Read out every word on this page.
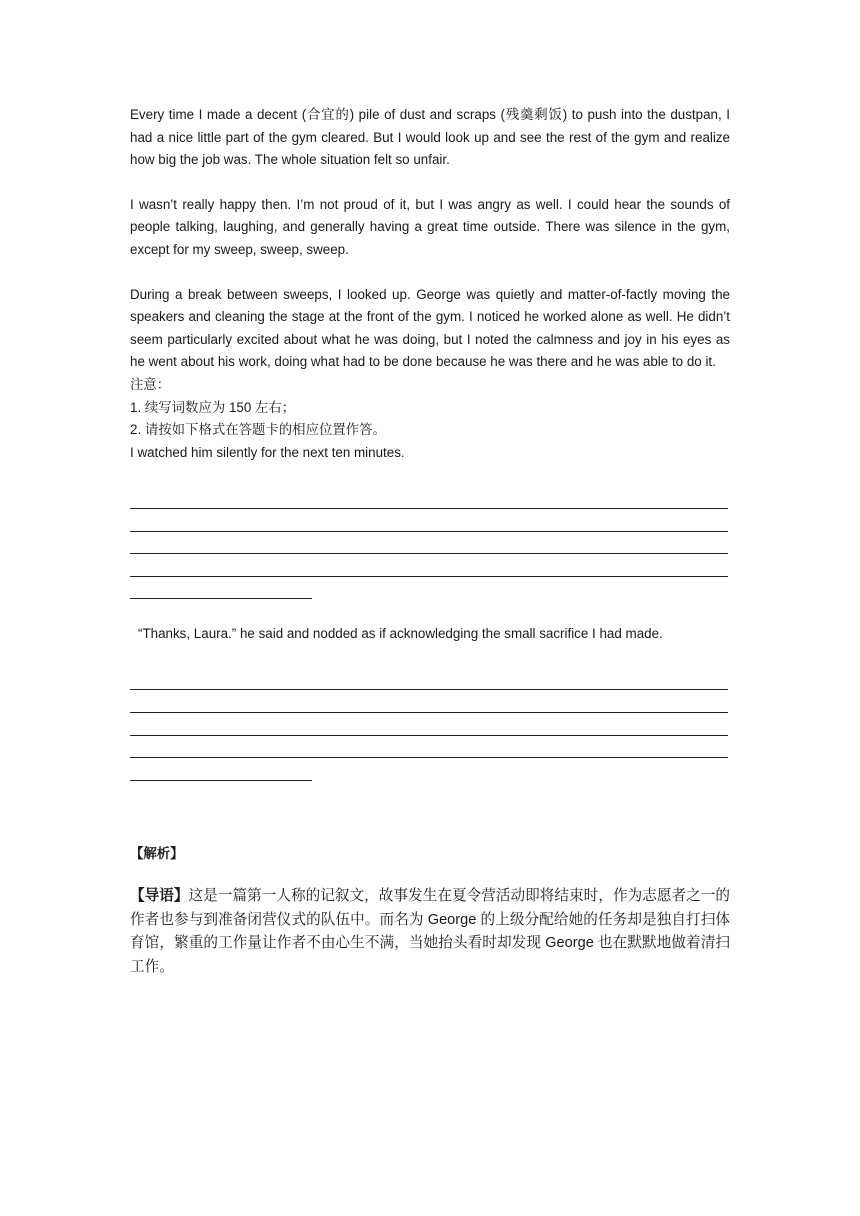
Every time I made a decent (合宜的) pile of dust and scraps (残羹剩饭) to push into the dustpan, I had a nice little part of the gym cleared. But I would look up and see the rest of the gym and realize how big the job was. The whole situation felt so unfair.

I wasn’t really happy then. I’m not proud of it, but I was angry as well. I could hear the sounds of people talking, laughing, and generally having a great time outside. There was silence in the gym, except for my sweep, sweep, sweep.

During a break between sweeps, I looked up. George was quietly and matter-of-factly moving the speakers and cleaning the stage at the front of the gym. I noticed he worked alone as well. He didn’t seem particularly excited about what he was doing, but I noted the calmness and joy in his eyes as he went about his work, doing what had to be done because he was there and he was able to do it.

注意：

1. 续写词数应为 150 左右；

2. 请按如下格式在答题卡的相应位置作答。

I watched him silently for the next ten minutes.

“Thanks, Laura.” he said and nodded as if acknowledging the small sacrifice I had made.

【解析】

【导语】这是一篇第一人称的记叙文，故事发生在夏令营活动即将结束时，作为志愿者之一的作者也参与到准备闭营仪式的队伍中。而名为 George 的上级分配给她的任务却是独自打扫体育馆，繁重的工作量让作者不由心生不满，当她抬头看时却发现 George 也在默默地做着清扫工作。
